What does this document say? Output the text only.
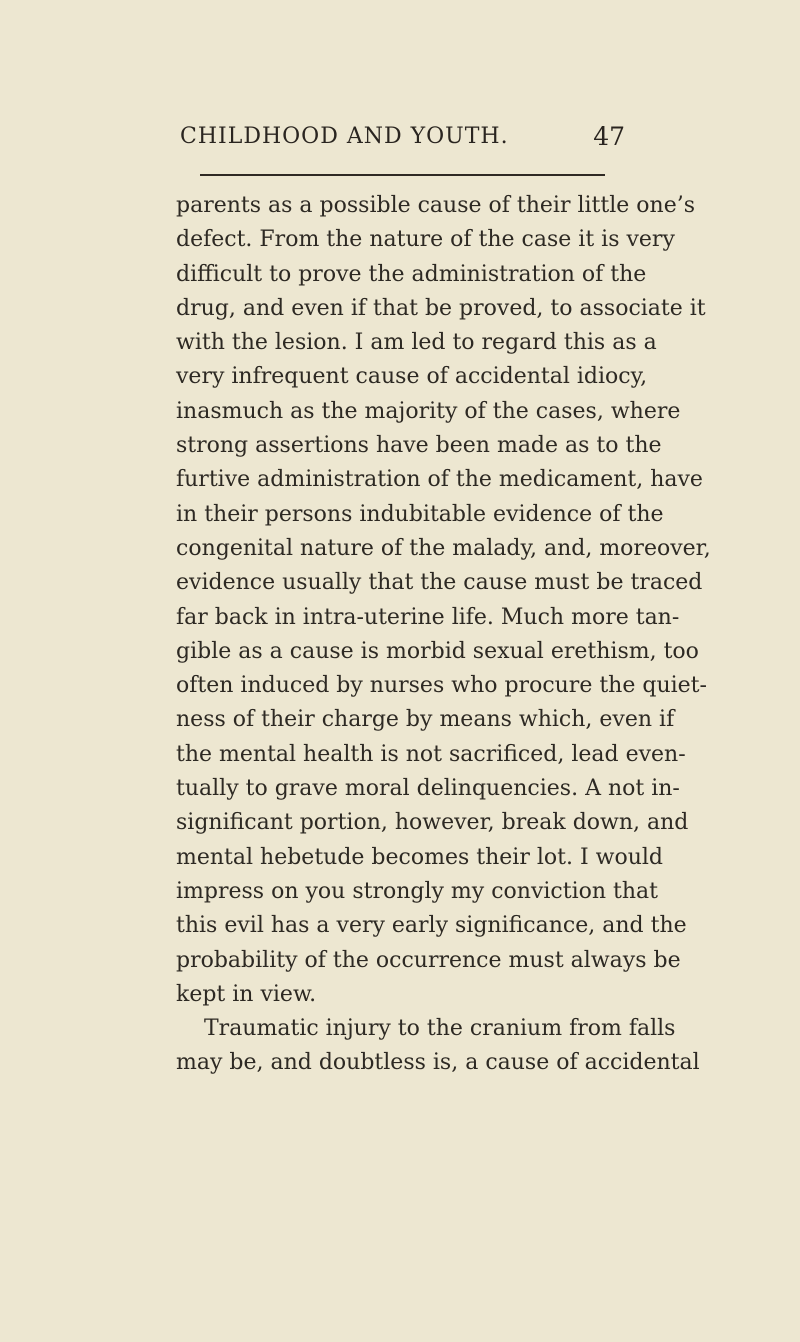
CHILDHOOD AND YOUTH.	47
parents as a possible cause of their little one’s
defect. From the nature of the case it is very
difficult to prove the administration of the
drug, and even if that be proved, to associate it
with the lesion. I am led to regard this as a
very infrequent cause of accidental idiocy,
inasmuch as the majority of the cases, where
strong assertions have been made as to the
furtive administration of the medicament, have
in their persons indubitable evidence of the
congenital nature of the malady, and, moreover,
evidence usually that the cause must be traced
far back in intra-uterine life. Much more tan-
gible as a cause is morbid sexual erethism, too
often induced by nurses who procure the quiet-
ness of their charge by means which, even if
the mental health is not sacrificed, lead even-
tually to grave moral delinquencies. A not in-
significant portion, however, break down, and
mental hebetude becomes their lot. I would
impress on you strongly my conviction that
this evil has a very early significance, and the
probability of the occurrence must always be
kept in view.
Traumatic injury to the cranium from falls
may be, and doubtless is, a cause of accidental
